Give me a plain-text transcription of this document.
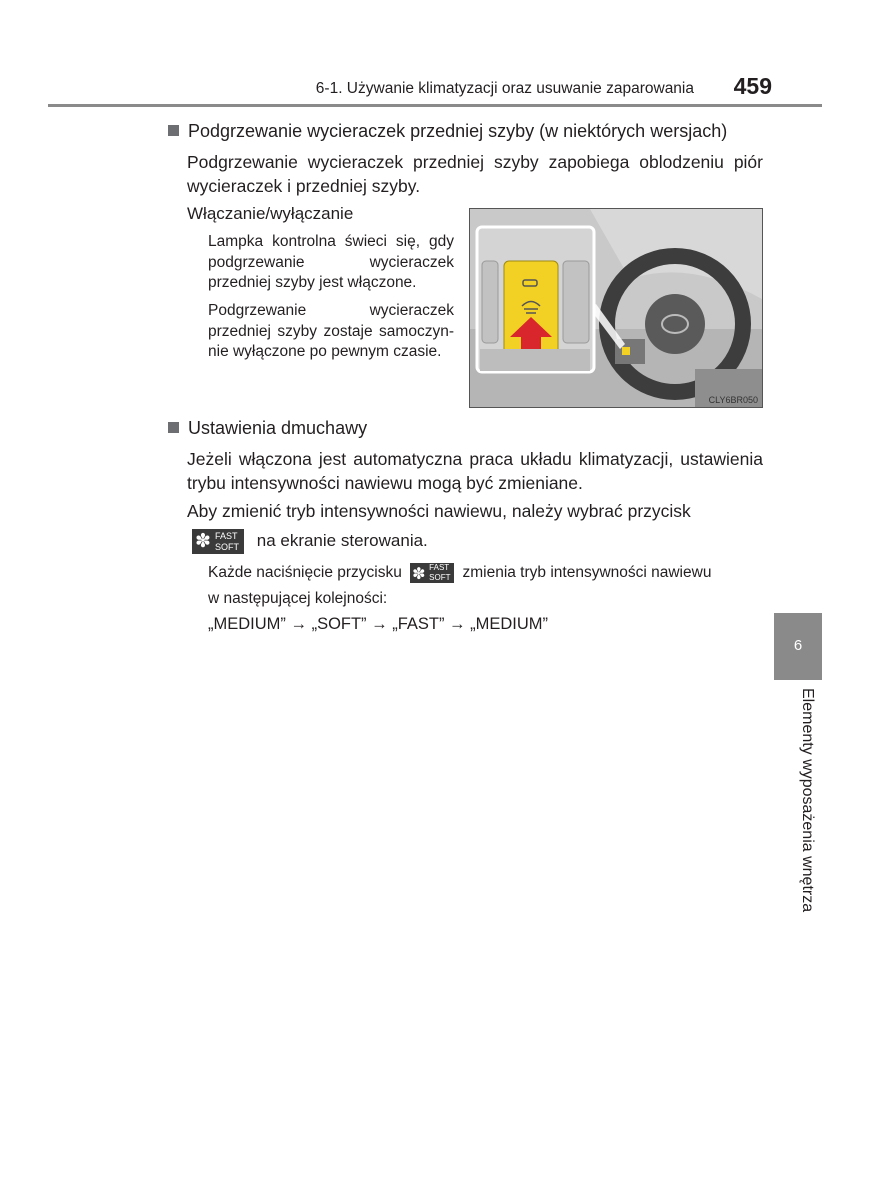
6-1. Używanie klimatyzacji oraz usuwanie zaparowania 459
Podgrzewanie wycieraczek przedniej szyby (w niektórych wersjach)
Podgrzewanie wycieraczek przedniej szyby zapobiega oblodzeniu piór wycieraczek i przedniej szyby.
Włączanie/wyłączanie
Lampka kontrolna świeci się, gdy podgrzewanie wycieraczek przedniej szyby jest włączone.
Podgrzewanie wycieraczek przedniej szyby zostaje samoczynnie wyłączone po pewnym czasie.
CLY6BR050
Ustawienia dmuchawy
Jeżeli włączona jest automatyczna praca układu klimatyzacji, ustawienia trybu intensywności nawiewu mogą być zmieniane.
Aby zmienić tryb intensywności nawiewu, należy wybrać przycisk
✽ FAST
SOFT na ekranie sterowania.
Każde naciśnięcie przycisku ✽ FAST
SOFT zmienia tryb intensywności nawiewu
w następującej kolejności:
„MEDIUM” → „SOFT” → „FAST” → „MEDIUM”
6
Elementy wyposażenia wnętrza
